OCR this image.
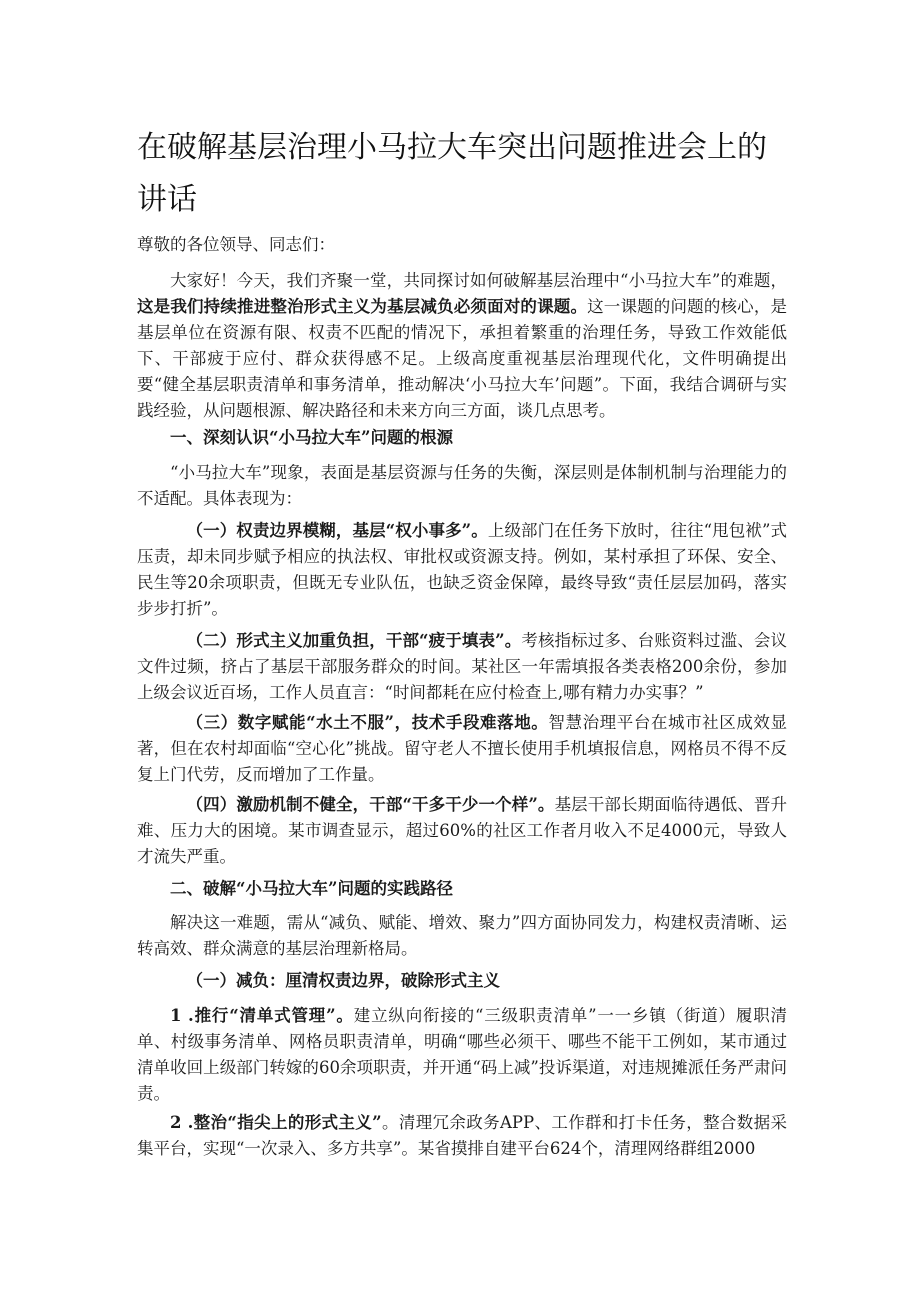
在破解基层治理小马拉大车突出问题推进会上的讲话

尊敬的各位领导、同志们：

大家好！今天，我们齐聚一堂，共同探讨如何破解基层治理中“小马拉大车”的难题，这是我们持续推进整治形式主义为基层减负必须面对的课题。这一课题的问题的核心，是基层单位在资源有限、权责不匹配的情况下，承担着繁重的治理任务，导致工作效能低下、干部疲于应付、群众获得感不足。上级高度重视基层治理现代化，文件明确提出要“健全基层职责清单和事务清单，推动解决‘小马拉大车’问题”。下面，我结合调研与实践经验，从问题根源、解决路径和未来方向三方面，谈几点思考。

一、深刻认识“小马拉大车”问题的根源

“小马拉大车”现象，表面是基层资源与任务的失衡，深层则是体制机制与治理能力的不适配。具体表现为：

（一）权责边界模糊，基层“权小事多”。上级部门在任务下放时，往往“甩包袱”式压责，却未同步赋予相应的执法权、审批权或资源支持。例如，某村承担了环保、安全、民生等20余项职责，但既无专业队伍，也缺乏资金保障，最终导致“责任层层加码，落实步步打折”。

（二）形式主义加重负担，干部“疲于填表”。考核指标过多、台账资料过滥、会议文件过频，挤占了基层干部服务群众的时间。某社区一年需填报各类表格200余份，参加上级会议近百场，工作人员直言：“时间都耗在应付检查上,哪有精力办实事？”

（三）数字赋能“水土不服”，技术手段难落地。智慧治理平台在城市社区成效显著，但在农村却面临“空心化”挑战。留守老人不擅长使用手机填报信息，网格员不得不反复上门代劳，反而增加了工作量。

（四）激励机制不健全，干部“干多干少一个样”。基层干部长期面临待遇低、晋升难、压力大的困境。某市调查显示，超过60%的社区工作者月收入不足4000元，导致人才流失严重。

二、破解“小马拉大车”问题的实践路径

解决这一难题，需从“减负、赋能、增效、聚力”四方面协同发力，构建权责清晰、运转高效、群众满意的基层治理新格局。

（一）减负：厘清权责边界，破除形式主义

1 .推行“清单式管理”。建立纵向衔接的“三级职责清单”一一乡镇（街道）履职清单、村级事务清单、网格员职责清单，明确“哪些必须干、哪些不能干工例如，某市通过清单收回上级部门转嫁的60余项职责，并开通“码上减”投诉渠道，对违规摊派任务严肃问责。

2 .整治“指尖上的形式主义”。清理冗余政务APP、工作群和打卡任务，整合数据采集平台，实现“一次录入、多方共享”。某省摸排自建平台624个，清理网络群组2000
